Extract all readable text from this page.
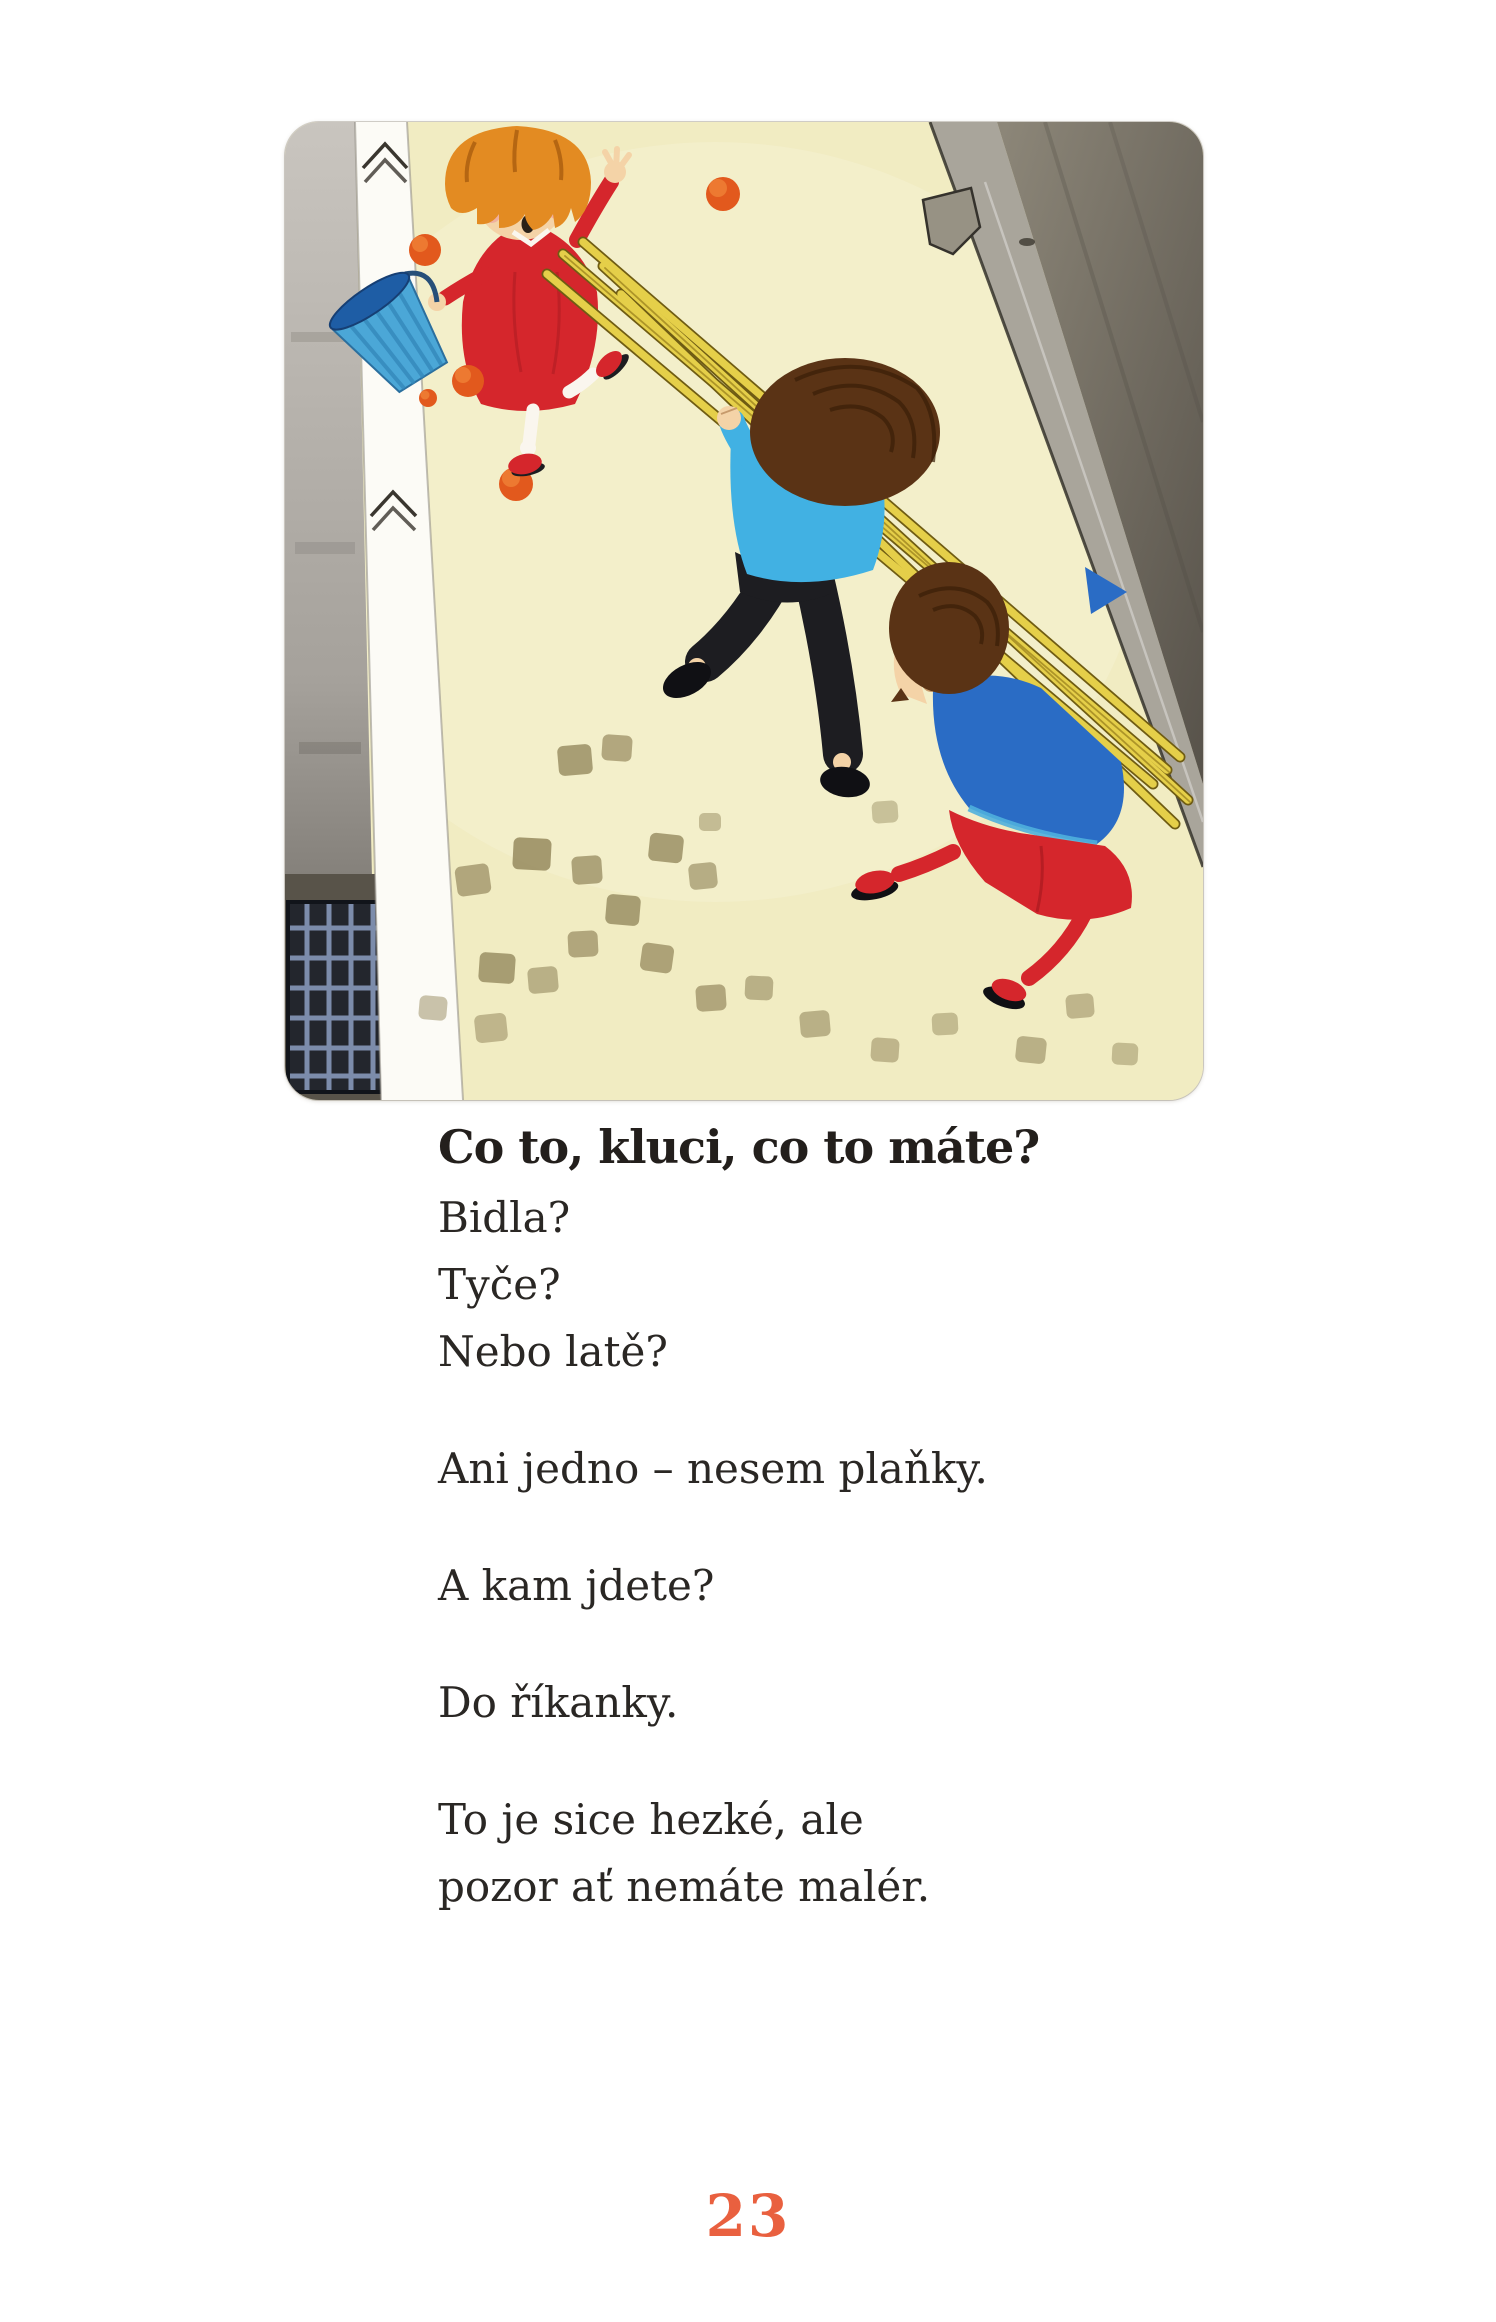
Co to, kluci, co to máte?

Bidla?
Tyče?
Nebo latě?

Ani jedno – nesem plaňky.

A kam jdete?

Do říkanky.

To je sice hezké, ale
pozor ať nemáte malér.

23
